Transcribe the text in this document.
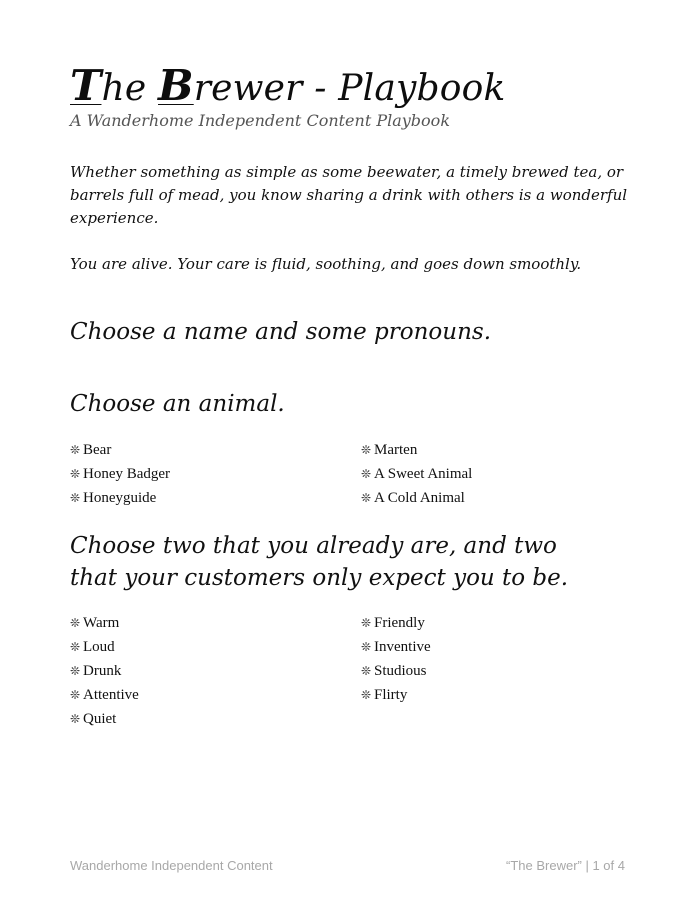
The Brewer - Playbook

A Wanderhome Independent Content Playbook

Whether something as simple as some beewater, a timely brewed tea, or barrels full of mead, you know sharing a drink with others is a wonderful experience.

You are alive. Your care is fluid, soothing, and goes down smoothly.

Choose a name and some pronouns.
Choose an animal.
❊ Bear
❊ Honey Badger
❊ Honeyguide
❊ Marten
❊ A Sweet Animal
❊ A Cold Animal
Choose two that you already are, and two that your customers only expect you to be.
❊ Warm
❊ Loud
❊ Drunk
❊ Attentive
❊ Quiet
❊ Friendly
❊ Inventive
❊ Studious
❊ Flirty
Wanderhome Independent Content	“The Brewer” | 1 of 4
